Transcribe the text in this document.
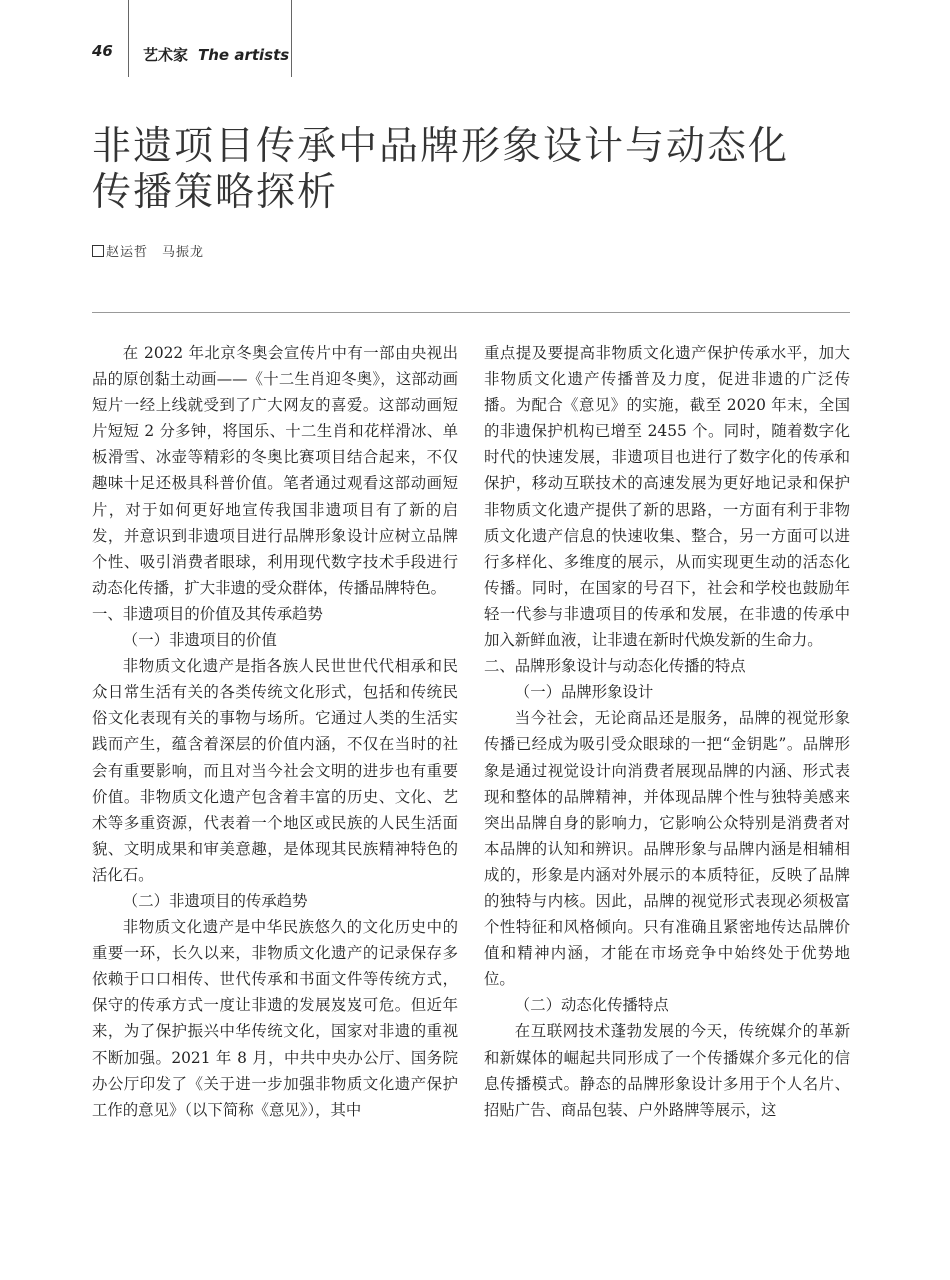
46 艺术家 The artists
非遗项目传承中品牌形象设计与动态化
传播策略探析
赵运哲 马振龙

在 2022 年北京冬奥会宣传片中有一部由央视出品的原创黏土动画——《十二生肖迎冬奥》，这部动画短片一经上线就受到了广大网友的喜爱。这部动画短片短短 2 分多钟，将国乐、十二生肖和花样滑冰、单板滑雪、冰壶等精彩的冬奥比赛项目结合起来，不仅趣味十足还极具科普价值。笔者通过观看这部动画短片，对于如何更好地宣传我国非遗项目有了新的启发，并意识到非遗项目进行品牌形象设计应树立品牌个性、吸引消费者眼球，利用现代数字技术手段进行动态化传播，扩大非遗的受众群体，传播品牌特色。

一、非遗项目的价值及其传承趋势
（一）非遗项目的价值

非物质文化遗产是指各族人民世世代代相承和民众日常生活有关的各类传统文化形式，包括和传统民俗文化表现有关的事物与场所。它通过人类的生活实践而产生，蕴含着深层的价值内涵，不仅在当时的社会有重要影响，而且对当今社会文明的进步也有重要价值。非物质文化遗产包含着丰富的历史、文化、艺术等多重资源，代表着一个地区或民族的人民生活面貌、文明成果和审美意趣，是体现其民族精神特色的活化石。

（二）非遗项目的传承趋势

非物质文化遗产是中华民族悠久的文化历史中的重要一环，长久以来，非物质文化遗产的记录保存多依赖于口口相传、世代传承和书面文件等传统方式，保守的传承方式一度让非遗的发展岌岌可危。但近年来，为了保护振兴中华传统文化，国家对非遗的重视不断加强。2021 年 8 月，中共中央办公厅、国务院办公厅印发了《关于进一步加强非物质文化遗产保护工作的意见》（以下简称《意见》），其中

重点提及要提高非物质文化遗产保护传承水平，加大非物质文化遗产传播普及力度，促进非遗的广泛传播。为配合《意见》的实施，截至 2020 年末，全国的非遗保护机构已增至 2455 个。同时，随着数字化时代的快速发展，非遗项目也进行了数字化的传承和保护，移动互联技术的高速发展为更好地记录和保护非物质文化遗产提供了新的思路，一方面有利于非物质文化遗产信息的快速收集、整合，另一方面可以进行多样化、多维度的展示，从而实现更生动的活态化传播。同时，在国家的号召下，社会和学校也鼓励年轻一代参与非遗项目的传承和发展，在非遗的传承中加入新鲜血液，让非遗在新时代焕发新的生命力。

二、品牌形象设计与动态化传播的特点
（一）品牌形象设计

当今社会，无论商品还是服务，品牌的视觉形象传播已经成为吸引受众眼球的一把“金钥匙”。品牌形象是通过视觉设计向消费者展现品牌的内涵、形式表现和整体的品牌精神，并体现品牌个性与独特美感来突出品牌自身的影响力，它影响公众特别是消费者对本品牌的认知和辨识。品牌形象与品牌内涵是相辅相成的，形象是内涵对外展示的本质特征，反映了品牌的独特与内核。因此，品牌的视觉形式表现必须极富个性特征和风格倾向。只有准确且紧密地传达品牌价值和精神内涵，才能在市场竞争中始终处于优势地位。

（二）动态化传播特点

在互联网技术蓬勃发展的今天，传统媒介的革新和新媒体的崛起共同形成了一个传播媒介多元化的信息传播模式。静态的品牌形象设计多用于个人名片、招贴广告、商品包装、户外路牌等展示，这
